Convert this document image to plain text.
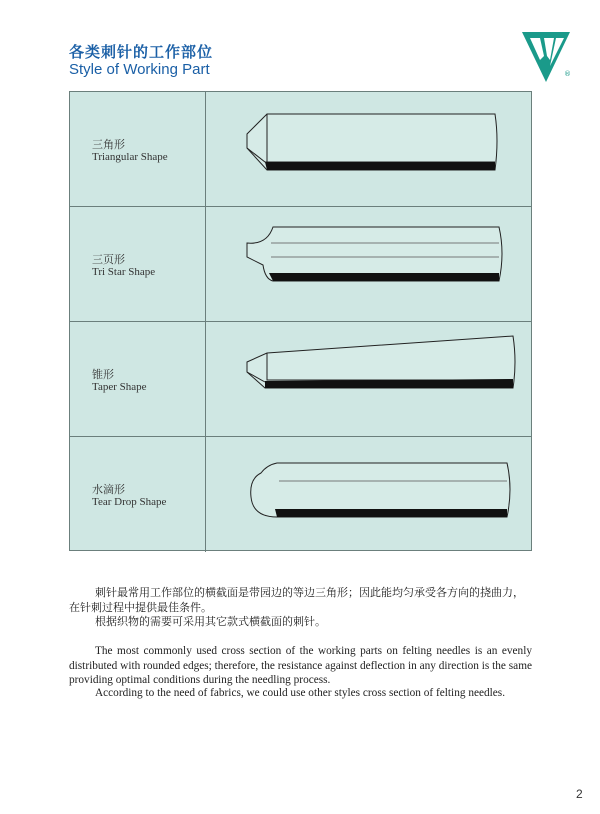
各类刺针的工作部位
Style of Working Part	®
三角形
Triangular Shape
三页形
Tri Star Shape
锥形
Taper Shape
水滴形
Tear Drop Shape
刺针最常用工作部位的横截面是带园边的等边三角形；因此能均匀承受各方向的挠曲力，在针刺过程中提供最佳条件。
根据织物的需要可采用其它款式横截面的刺针。
The most commonly used cross section of the working parts on felting needles is an evenly distributed with rounded edges; therefore, the resistance against deflection in any direction is the same providing optimal conditions during the needling process.
According to the need of fabrics, we could use other styles cross section of felting needles.
2
